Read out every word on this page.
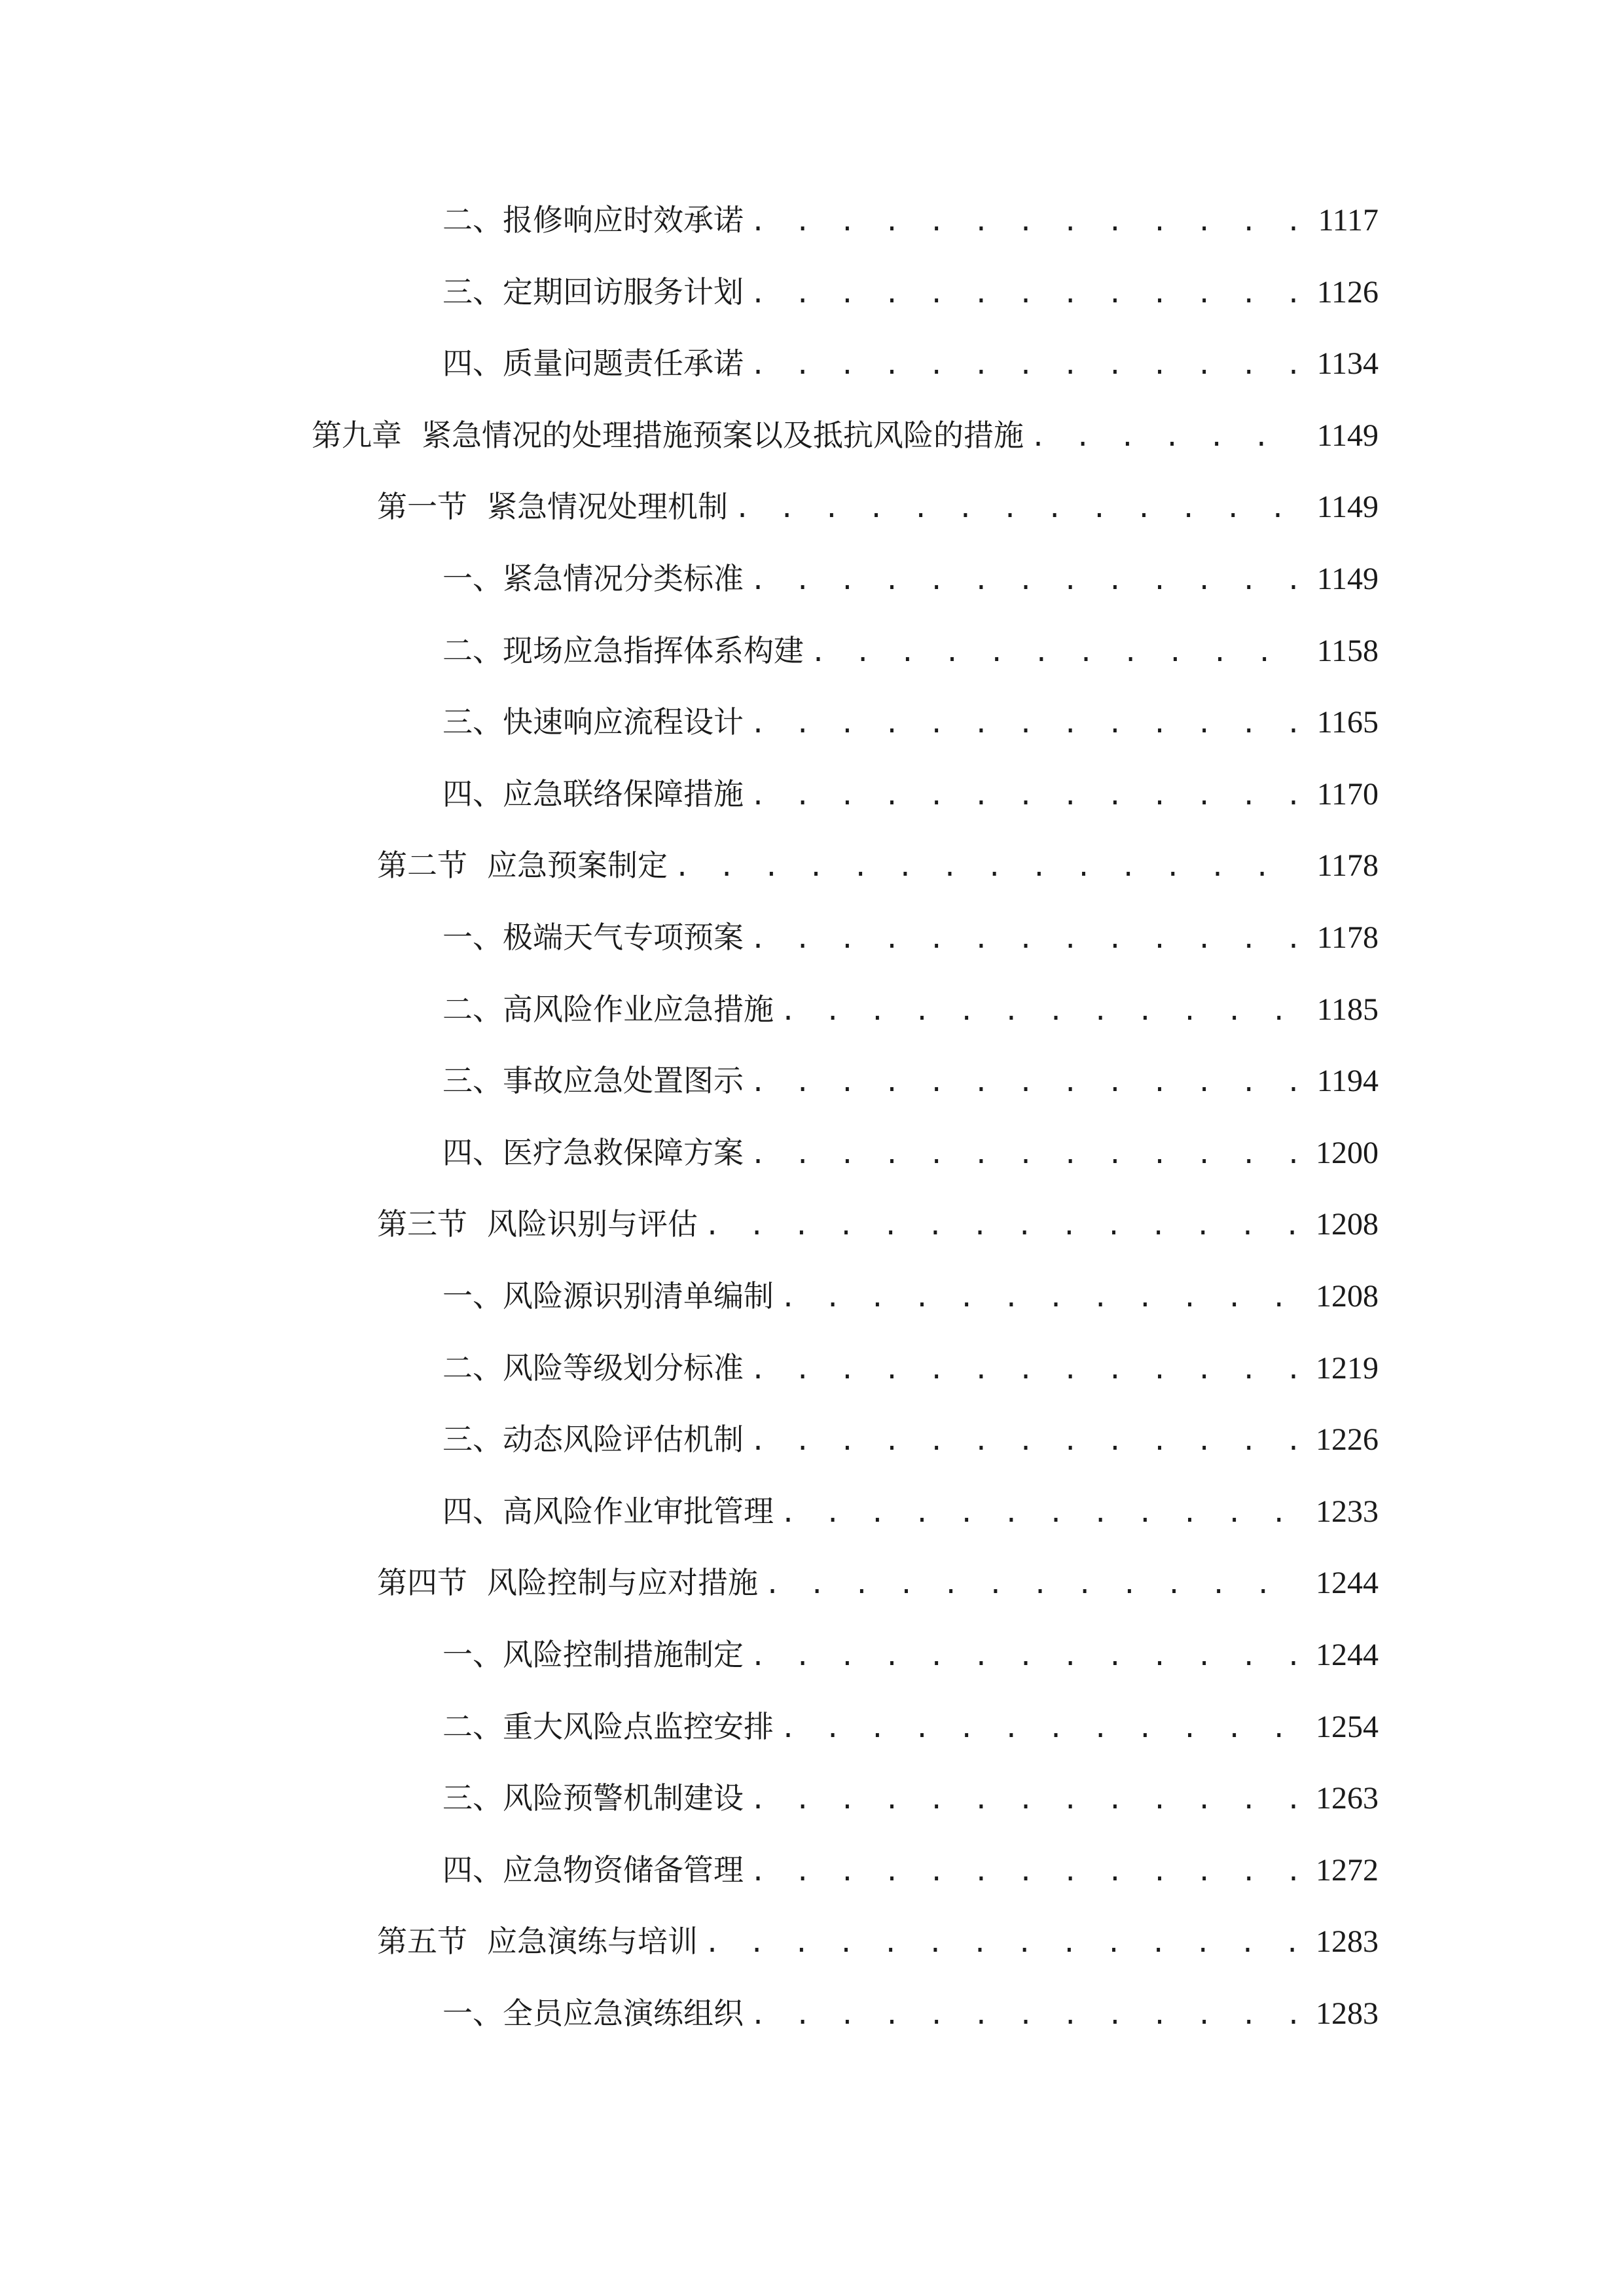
二、 报修响应时效承诺 . . .	1117
三、 定期回访服务计划 . . .	1126
四、 质量问题责任承诺 . . .	1134
第九章 紧急情况的处理措施预案以及抵抗风险的措施 . . .	1149
第一节 紧急情况处理机制 . . .	1149
一、 紧急情况分类标准 . . .	1149
二、 现场应急指挥体系构建 . . .	1158
三、 快速响应流程设计 . . .	1165
四、 应急联络保障措施 . . .	1170
第二节 应急预案制定 . . .	1178
一、 极端天气专项预案 . . .	1178
二、 高风险作业应急措施 . . .	1185
三、 事故应急处置图示 . . .	1194
四、 医疗急救保障方案 . . .	1200
第三节 风险识别与评估 . . .	1208
一、 风险源识别清单编制 . . .	1208
二、 风险等级划分标准 . . .	1219
三、 动态风险评估机制 . . .	1226
四、 高风险作业审批管理 . . .	1233
第四节 风险控制与应对措施 . . .	1244
一、 风险控制措施制定 . . .	1244
二、 重大风险点监控安排 . . .	1254
三、 风险预警机制建设 . . .	1263
四、 应急物资储备管理 . . .	1272
第五节 应急演练与培训 . . .	1283
一、 全员应急演练组织 . . .	1283
